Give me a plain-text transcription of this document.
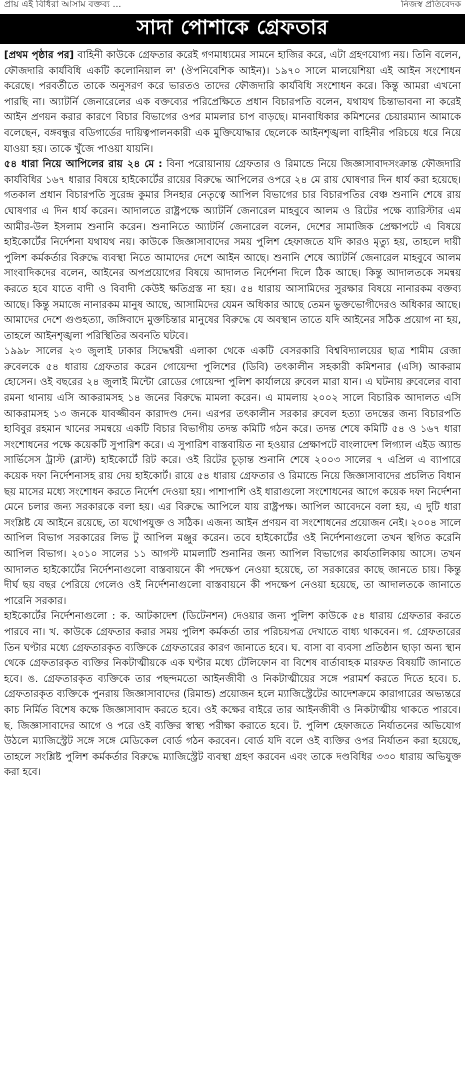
প্রায় এই বিধিরা আসাম বক্তব্য ...	নিজস্ব প্রতিবেদক
সাদা পোশাকে গ্রেফতার

[প্রথম পৃষ্ঠার পর] বাহিনী কাউকে গ্রেফতার করেই গণমাধ্যমের সামনে হাজির করে, এটা গ্রহণযোগ্য নয়। তিনি বলেন, ফৌজদারি কার্যবিধি একটি কলোনিয়াল ল' (ঔপনিবেশিক আইন)। ১৯৭০ সালে মালয়েশিয়া এই আইন সংশোধন করেছে। পরবর্তীতে তাকে অনুসরণ করে ভারতও তাদের ফৌজদারি কার্যবিধি সংশোধন করে। কিন্তু আমরা এখনো পারছি না। অ্যাটর্নি জেনারেলের এক বক্তব্যের পরিপ্রেক্ষিতে প্রধান বিচারপতি বলেন, যথাযথ চিন্তাভাবনা না করেই আইন প্রণয়ন করার কারণে বিচার বিভাগের ওপর মামলার চাপ বাড়ছে। মানবাধিকার কমিশনের চেয়ারম্যান আমাকে বলেছেন, বঙ্গবন্ধুর বডিগার্ডের দায়িত্বপালনকারী এক মুক্তিযোদ্ধার ছেলেকে আইনশৃঙ্খলা বাহিনীর পরিচয়ে ধরে নিয়ে যাওয়া হয়। তাকে খুঁজে পাওয়া যায়নি।

৫৪ ধারা নিয়ে আপিলের রায় ২৪ মে : বিনা পরোয়ানায় গ্রেফতার ও রিমান্ডে নিয়ে জিজ্ঞাসাবাদসংক্রান্ত ফৌজদারি কার্যবিধির ১৬৭ ধারার বিষয়ে হাইকোর্টের রায়ের বিরুদ্ধে আপিলের ওপরে ২৪ মে রায় ঘোষণার দিন ধার্য করা হয়েছে। গতকাল প্রধান বিচারপতি সুরেন্দ্র কুমার সিনহার নেতৃত্বে আপিল বিভাগের চার বিচারপতির বেঞ্চ শুনানি শেষে রায় ঘোষণার এ দিন ধার্য করেন। আদালতে রাষ্ট্রপক্ষে অ্যাটর্নি জেনারেল মাহবুবে আলম ও রিটের পক্ষে ব্যারিস্টার এম আমীর-উল ইসলাম শুনানি করেন। শুনানিতে অ্যাটর্নি জেনারেল বলেন, দেশের সামাজিক প্রেক্ষাপটে এ বিষয়ে হাইকোর্টের নির্দেশনা যথাযথ নয়। কাউকে জিজ্ঞাসাবাদের সময় পুলিশ হেফাজতে যদি কারও মৃত্যু হয়, তাহলে দায়ী পুলিশ কর্মকর্তার বিরুদ্ধে ব্যবস্থা নিতে আমাদের দেশে আইন আছে। শুনানি শেষে অ্যাটর্নি জেনারেল মাহবুবে আলম সাংবাদিকদের বলেন, আইনের অপপ্রয়োগের বিষয়ে আদালত নির্দেশনা দিলে ঠিক আছে। কিন্তু আদালতকে সমন্বয় করতে হবে যাতে বাদী ও বিবাদী কেউই ক্ষতিগ্রস্ত না হয়। ৫৪ ধারায় আসামিদের সুরক্ষার বিষয়ে নানারকম বক্তব্য আছে। কিন্তু সমাজে নানারকম মানুষ আছে, আসামিদের যেমন অধিকার আছে তেমন ভুক্তভোগীদেরও অধিকার আছে। আমাদের দেশে গুণ্ডহত্যা, জঙ্গিবাদে মুক্তচিন্তার মানুষের বিরুদ্ধে যে অবস্থান তাতে যদি আইনের সঠিক প্রয়োগ না হয়, তাহলে আইনশৃঙ্খলা পরিস্থিতির অবনতি ঘটবে।

১৯৯৮ সালের ২৩ জুলাই ঢাকার সিদ্ধেশ্বরী এলাকা থেকে একটি বেসরকারি বিশ্ববিদ্যালয়ের ছাত্র শামীম রেজা রুবেলকে ৫৪ ধারায় গ্রেফতার করেন গোয়েন্দা পুলিশের (ডিবি) তৎকালীন সহকারী কমিশনার (এসি) আকরাম হোসেন। ওই বছরের ২৪ জুলাই মিন্টো রোডের গোয়েন্দা পুলিশ কার্যালয়ে রুবেল মারা যান। এ ঘটনায় রুবেলের বাবা রমনা থানায় এসি আকরামসহ ১৪ জনের বিরুদ্ধে মামলা করেন। এ মামলায় ২০০২ সালে বিচারিক আদালত এসি আকরামসহ ১৩ জনকে যাবজ্জীবন কারাদণ্ড দেন। এরপর তৎকালীন সরকার রুবেল হত্যা তদন্তের জন্য বিচারপতি হাবিবুর রহমান খানের সমন্বয়ে একটি বিচার বিভাগীয় তদন্ত কমিটি গঠন করে। তদন্ত শেষে কমিটি ৫৪ ও ১৬৭ ধারা সংশোধনের পক্ষে কয়েকটি সুপারিশ করে। এ সুপারিশ বাস্তবায়িত না হওয়ার প্রেক্ষাপটে বাংলাদেশ লিগ্যাল এইড অ্যান্ড সার্ভিসেস ট্রাস্ট (ব্লাস্ট) হাইকোর্টে রিট করে। ওই রিটের চূড়ান্ত শুনানি শেষে ২০০৩ সালের ৭ এপ্রিল এ ব্যাপারে কয়েক দফা নির্দেশনাসহ রায় দেয় হাইকোর্ট। রায়ে ৫৪ ধারায় গ্রেফতার ও রিমান্ডে নিয়ে জিজ্ঞাসাবাদের প্রচলিত বিধান ছয় মাসের মধ্যে সংশোধন করতে নির্দেশ দেওয়া হয়। পাশাপাশি ওই ধারাগুলো সংশোধনের আগে কয়েক দফা নির্দেশনা মেনে চলার জন্য সরকারকে বলা হয়। এর বিরুদ্ধে আপিলে যায় রাষ্ট্রপক্ষ। আপিল আবেদনে বলা হয়, এ দুটি ধারা সংশ্লিষ্ট যে আইনে রয়েছে, তা যথোপযুক্ত ও সঠিক। এজন্য আইন প্রণয়ন বা সংশোধনের প্রয়োজন নেই। ২০০৪ সালে আপিল বিভাগ সরকারের লিভ টু আপিল মঞ্জুর করেন। তবে হাইকোর্টের ওই নির্দেশনাগুলো তখন স্থগিত করেনি আপিল বিভাগ। ২০১০ সালের ১১ আগস্ট মামলাটি শুনানির জন্য আপিল বিভাগের কার্যতালিকায় আসে। তখন আদালত হাইকোর্টের নির্দেশনাগুলো বাস্তবায়নে কী পদক্ষেপ নেওয়া হয়েছে, তা সরকারের কাছে জানতে চায়। কিন্তু দীর্ঘ ছয় বছর পেরিয়ে গেলেও ওই নির্দেশনাগুলো বাস্তবায়নে কী পদক্ষেপ নেওয়া হয়েছে, তা আদালতকে জানাতে পারেনি সরকার।

হাইকোর্টের নির্দেশনাগুলো : ক. আটকাদেশ (ডিটেনশন) দেওয়ার জন্য পুলিশ কাউকে ৫৪ ধারায় গ্রেফতার করতে পারবে না। খ. কাউকে গ্রেফতার করার সময় পুলিশ কর্মকর্তা তার পরিচয়পত্র দেখাতে বাধ্য থাকবেন। গ. গ্রেফতারের তিন ঘণ্টার মধ্যে গ্রেফতারকৃত ব্যক্তিকে গ্রেফতারের কারণ জানাতে হবে। ঘ. বাসা বা ব্যবসা প্রতিষ্ঠান ছাড়া অন্য স্থান থেকে গ্রেফতারকৃত ব্যক্তির নিকটাত্মীয়কে এক ঘণ্টার মধ্যে টেলিফোন বা বিশেষ বার্তাবাহক মারফত বিষয়টি জানাতে হবে। ঙ. গ্রেফতারকৃত ব্যক্তিকে তার পছন্দমতো আইনজীবী ও নিকটাত্মীয়ের সঙ্গে পরামর্শ করতে দিতে হবে। চ. গ্রেফতারকৃত ব্যক্তিকে পুনরায় জিজ্ঞাসাবাদের (রিমান্ড) প্রয়োজন হলে ম্যাজিস্ট্রেটের আদেশক্রমে কারাগারের অভ্যন্তরে কাচ নির্মিত বিশেষ কক্ষে জিজ্ঞাসাবাদ করতে হবে। ওই কক্ষের বাইরে তার আইনজীবী ও নিকটাত্মীয় থাকতে পারবে। ছ. জিজ্ঞাসাবাদের আগে ও পরে ওই ব্যক্তির স্বাস্থ্য পরীক্ষা করাতে হবে। ট. পুলিশ হেফাজতে নির্যাতনের অভিযোগ উঠলে ম্যাজিস্ট্রেট সঙ্গে সঙ্গে মেডিকেল বোর্ড গঠন করবেন। বোর্ড যদি বলে ওই ব্যক্তির ওপর নির্যাতন করা হয়েছে, তাহলে সংশ্লিষ্ট পুলিশ কর্মকর্তার বিরুদ্ধে ম্যাজিস্ট্রেট ব্যবস্থা গ্রহণ করবেন এবং তাকে দণ্ডবিধির ৩৩০ ধারায় অভিযুক্ত করা হবে।
